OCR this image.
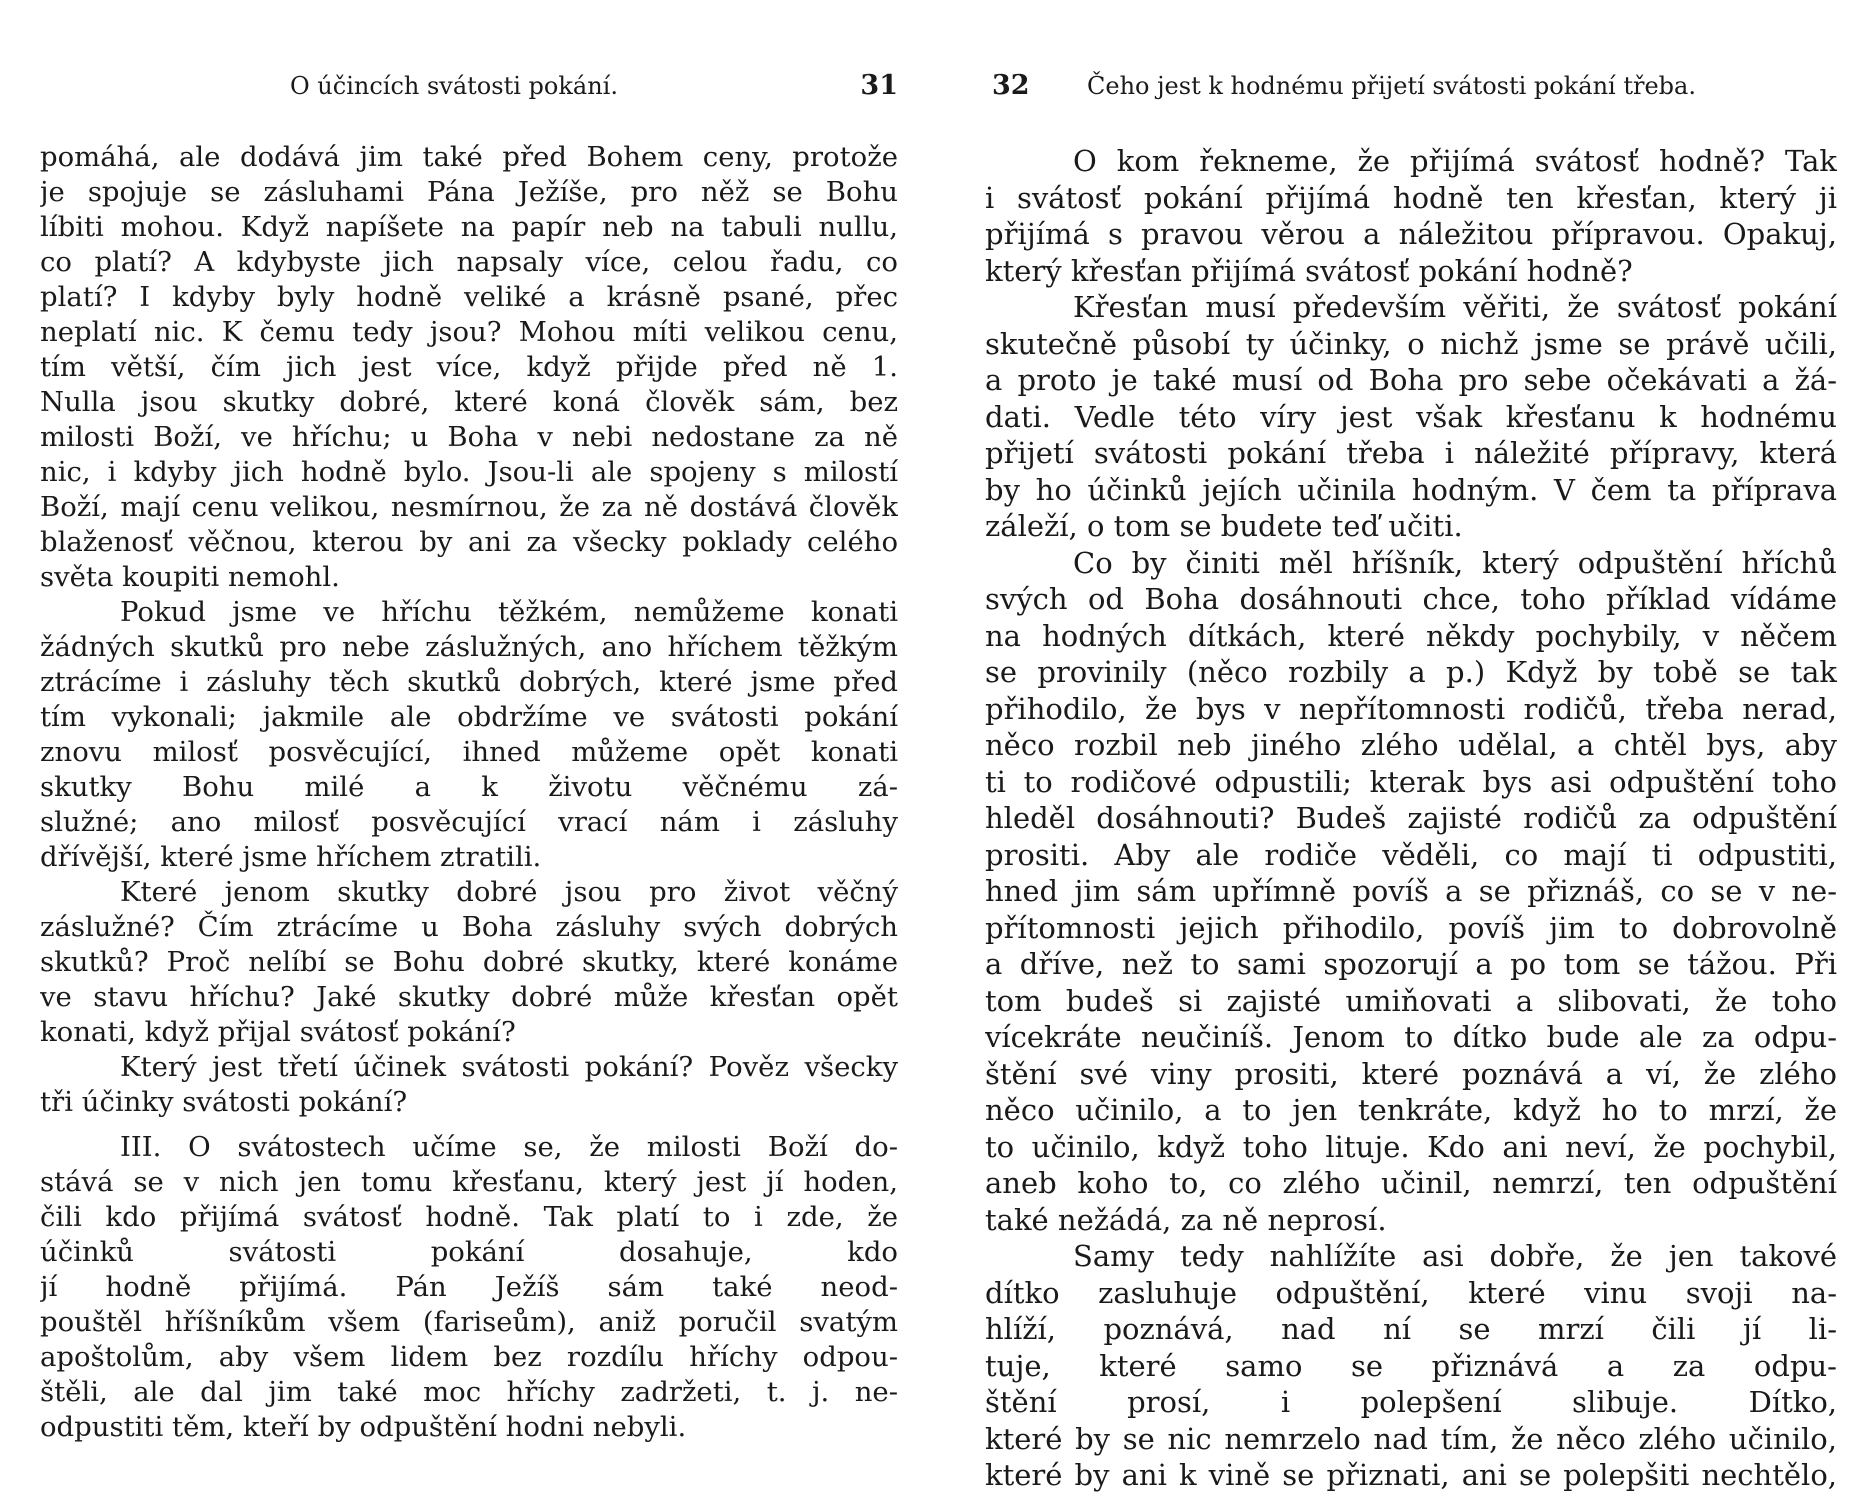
O účincích svátosti pokání.	31
pomáhá, ale dodává jim také před Bohem ceny, protože
je spojuje se zásluhami Pána Ježíše, pro něž se Bohu
líbiti mohou. Když napíšete na papír neb na tabuli nullu,
co platí? A kdybyste jich napsaly více, celou řadu, co
platí? I kdyby byly hodně veliké a krásně psané, přec
neplatí nic. K čemu tedy jsou? Mohou míti velikou cenu,
tím větší, čím jich jest více, když přijde před ně 1.
Nulla jsou skutky dobré, které koná člověk sám, bez
milosti Boží, ve hříchu; u Boha v nebi nedostane za ně
nic, i kdyby jich hodně bylo. Jsou-li ale spojeny s milostí
Boží, mají cenu velikou, nesmírnou, že za ně dostává člověk
blaženosť věčnou, kterou by ani za všecky poklady celého
světa koupiti nemohl.
Pokud jsme ve hříchu těžkém, nemůžeme konati
žádných skutků pro nebe záslužných, ano hříchem těžkým
ztrácíme i zásluhy těch skutků dobrých, které jsme před
tím vykonali; jakmile ale obdržíme ve svátosti pokání
znovu milosť posvěcující, ihned můžeme opět konati
skutky Bohu milé a k životu věčnému zá-
služné; ano milosť posvěcující vrací nám i zásluhy
dřívější, které jsme hříchem ztratili.
Které jenom skutky dobré jsou pro život věčný
záslužné? Čím ztrácíme u Boha zásluhy svých dobrých
skutků? Proč nelíbí se Bohu dobré skutky, které konáme
ve stavu hříchu? Jaké skutky dobré může křesťan opět
konati, když přijal svátosť pokání?
Který jest třetí účinek svátosti pokání? Pověz všecky
tři účinky svátosti pokání?
III. O svátostech učíme se, že milosti Boží do-
stává se v nich jen tomu křesťanu, který jest jí hoden,
čili kdo přijímá svátosť hodně. Tak platí to i zde, že
účinků svátosti pokání dosahuje, kdo
jí hodně přijímá. Pán Ježíš sám také neod-
pouštěl hříšníkům všem (fariseům), aniž poručil svatým
apoštolům, aby všem lidem bez rozdílu hříchy odpou-
štěli, ale dal jim také moc hříchy zadržeti, t. j. ne-
odpustiti těm, kteří by odpuštění hodni nebyli.
32 Čeho jest k hodnému přijetí svátosti pokání třeba.
O kom řekneme, že přijímá svátosť hodně? Tak
i svátosť pokání přijímá hodně ten křesťan, který ji
přijímá s pravou věrou a náležitou přípravou. Opakuj,
který křesťan přijímá svátosť pokání hodně?
Křesťan musí především věřiti, že svátosť pokání
skutečně působí ty účinky, o nichž jsme se právě učili,
a proto je také musí od Boha pro sebe očekávati a žá-
dati. Vedle této víry jest však křesťanu k hodnému
přijetí svátosti pokání třeba i náležité přípravy, která
by ho účinků jejích učinila hodným. V čem ta příprava
záleží, o tom se budete teď učiti.
Co by činiti měl hříšník, který odpuštění hříchů
svých od Boha dosáhnouti chce, toho příklad vídáme
na hodných dítkách, které někdy pochybily, v něčem
se provinily (něco rozbily a p.) Když by tobě se tak
přihodilo, že bys v nepřítomnosti rodičů, třeba nerad,
něco rozbil neb jiného zlého udělal, a chtěl bys, aby
ti to rodičové odpustili; kterak bys asi odpuštění toho
hleděl dosáhnouti? Budeš zajisté rodičů za odpuštění
prositi. Aby ale rodiče věděli, co mají ti odpustiti,
hned jim sám upřímně povíš a se přiznáš, co se v ne-
přítomnosti jejich přihodilo, povíš jim to dobrovolně
a dříve, než to sami spozorují a po tom se tážou. Při
tom budeš si zajisté umiňovati a slibovati, že toho
vícekráte neučiníš. Jenom to dítko bude ale za odpu-
štění své viny prositi, které poznává a ví, že zlého
něco učinilo, a to jen tenkráte, když ho to mrzí, že
to učinilo, když toho lituje. Kdo ani neví, že pochybil,
aneb koho to, co zlého učinil, nemrzí, ten odpuštění
také nežádá, za ně neprosí.
Samy tedy nahlížíte asi dobře, že jen takové
dítko zasluhuje odpuštění, které vinu svoji na-
hlíží, poznává, nad ní se mrzí čili jí li-
tuje, které samo se přiznává a za odpu-
štění prosí, i polepšení slibuje. Dítko,
které by se nic nemrzelo nad tím, že něco zlého učinilo,
které by ani k vině se přiznati, ani se polepšiti nechtělo,
